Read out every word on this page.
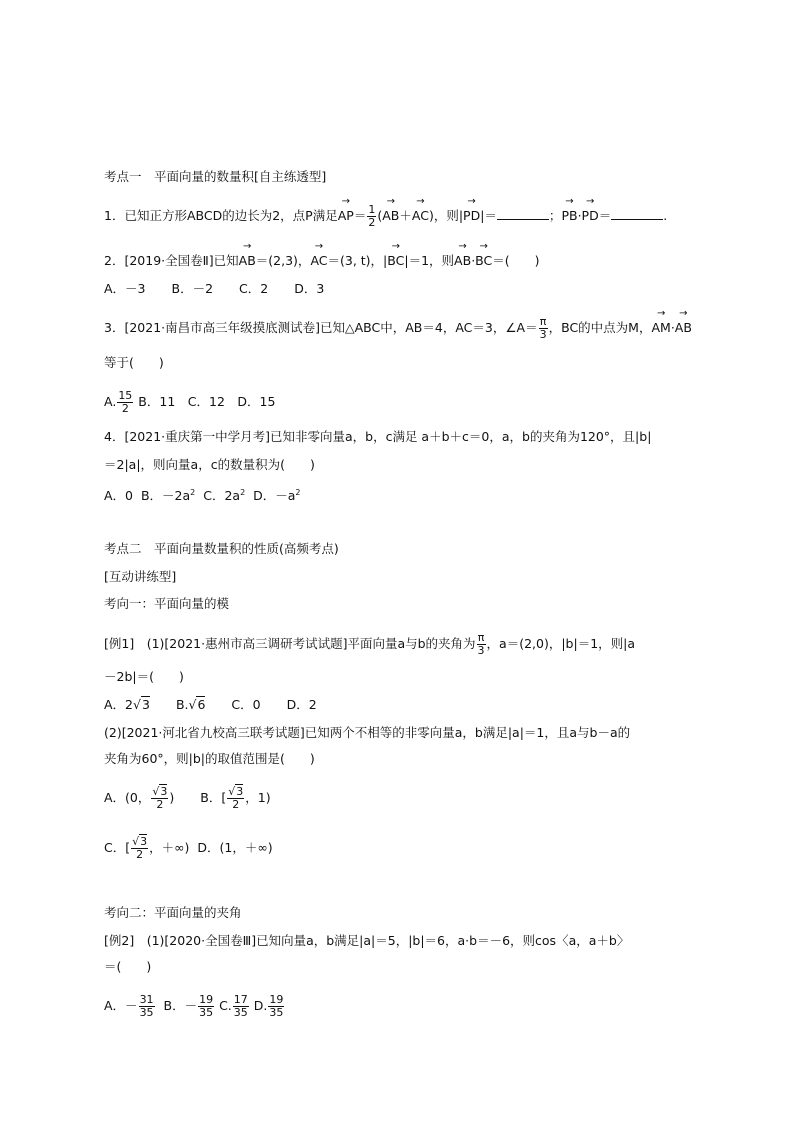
考点一　平面向量的数量积[自主练透型]
1．已知正方形ABCD的边长为2，点P满足→ $AP= \frac{1}{2}$ (→ AB＋→ AC)，则|→ PD|＝	；→ PB·→ PD＝	.
2．[2019·全国卷Ⅱ]已知→ AB＝(2,3)，→ AC＝(3, t)，|→ BC|＝1，则→ AB·→ BC＝(　　)
A．－3 B．－2 C．2 D．3
3．[2021·南昌市高三年级摸底测试卷]已知△ABC中，AB＝4，AC＝3，∠A＝ $\frac{\pi}{3}$ ，BC的中点为M，→ AM·→ AB
等于(　　)
A. $\frac{15}{2}$ B．11　C．12　D．15
4．[2021·重庆第一中学月考]已知非零向量a，b，c满足 a＋b＋c＝0，a，b的夹角为120°，且|b|
＝2|a|，则向量a，c的数量积为(　　)
A．0 B．$-2a^2$ C．$2a^2$ D．$-a^2$
考点二　平面向量数量积的性质(高频考点)
[互动讲练型]
考向一：平面向量的模
[例1]　(1)[2021·惠州市高三调研考试试题]平面向量a与b的夹角为 $\frac{\pi}{3}$ ，a＝(2,0)，|b|＝1，则|a
－2b|＝(　　)
A．2√3 B.√6 C．0 D．2
(2)[2021·河北省九校高三联考试题]已知两个不相等的非零向量a，b满足|a|＝1，且a与b－a的
夹角为60°，则|b|的取值范围是(　　)
A．(0， $\frac{√3}{2}$ ) B．[ $\frac{√3}{2}$ ，1)
C．[ $\frac{√3}{2}$ ，＋∞) D．(1，＋∞)
考向二：平面向量的夹角
[例2]　(1)[2020·全国卷Ⅲ]已知向量a，b满足|a|＝5，|b|＝6，a·b＝－6，则cos〈a，a＋b〉
＝(　　)
A．－ $\frac{31}{35}$ B．－ $\frac{19}{35} C$. $\frac{17}{35} D$. $\frac{19}{35}$
